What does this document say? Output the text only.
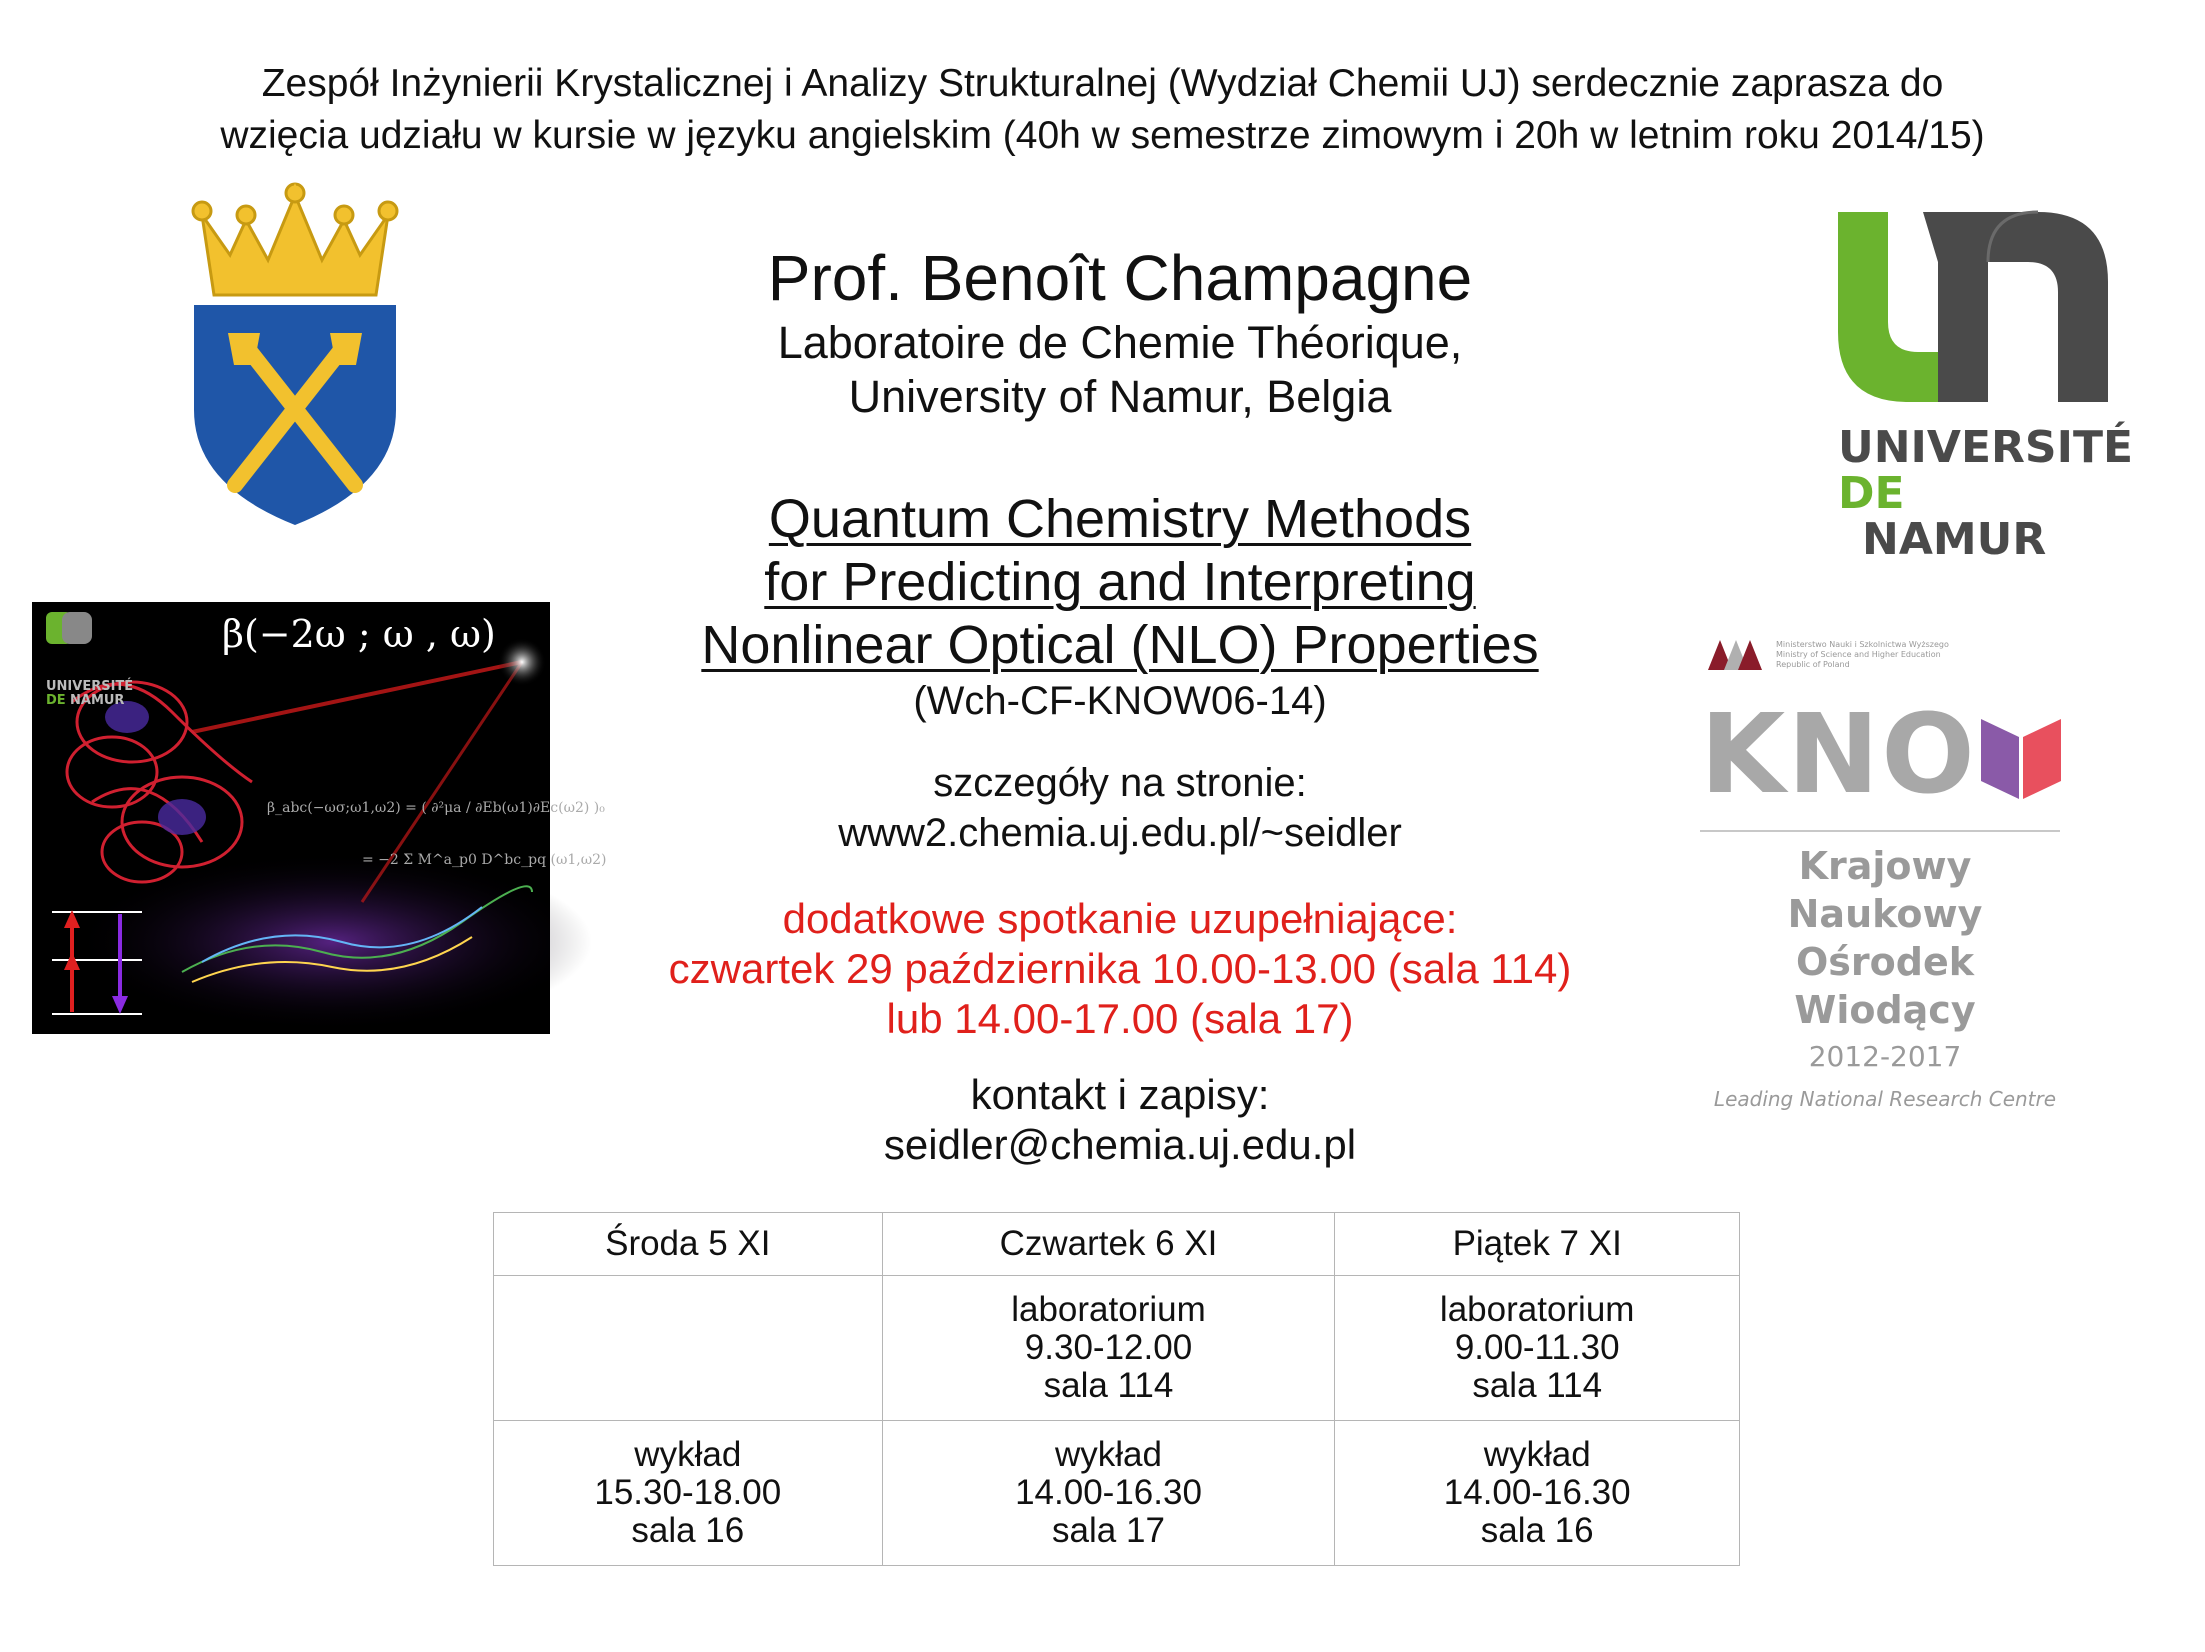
Zespół Inżynierii Krystalicznej i Analizy Strukturalnej (Wydział Chemii UJ) serdecznie zaprasza do
wzięcia udziału w kursie w języku angielskim (40h w semestrze zimowym i 20h w letnim roku 2014/15)
UNIVERSITÉ
DE NAMUR
β(−2ω ; ω , ω)
β_abc(−ωσ;ω1,ω2) = ( ∂²μa / ∂Eb(ω1)∂Ec(ω2) )₀
= −2 Σ M^a_p0 D^bc_pq (ω1,ω2)
UNIVERSITÉ
DE NAMUR
Ministerstwo Nauki i Szkolnictwa Wyższego
Ministry of Science and Higher Education
Republic of Poland
KNO
Krajowy Naukowy
Ośrodek Wiodący
2012-2017
Leading National Research Centre
Prof. Benoît Champagne
Laboratoire de Chemie Théorique,
University of Namur, Belgia
Quantum Chemistry Methods
for Predicting and Interpreting
Nonlinear Optical (NLO) Properties
(Wch-CF-KNOW06-14)
szczegóły na stronie:
www2.chemia.uj.edu.pl/~seidler
dodatkowe spotkanie uzupełniające:
czwartek 29 października 10.00-13.00 (sala 114)
lub 14.00-17.00 (sala 17)
kontakt i zapisy:
seidler@chemia.uj.edu.pl
Środa 5 XI	Czwartek 6 XI	Piątek 7 XI

	laboratorium
9.30-12.00
sala 114	laboratorium
9.00-11.30
sala 114

wykład
15.30-18.00
sala 16	wykład
14.00-16.30
sala 17	wykład
14.00-16.30
sala 16
